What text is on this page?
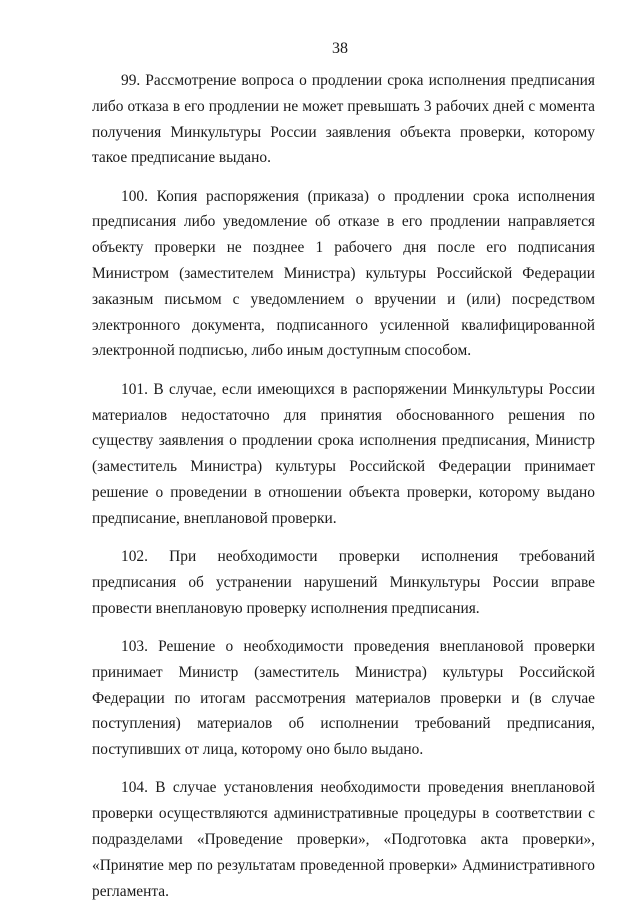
38

99. Рассмотрение вопроса о продлении срока исполнения предписания либо отказа в его продлении не может превышать 3 рабочих дней с момента получения Минкультуры России заявления объекта проверки, которому такое предписание выдано.

100. Копия распоряжения (приказа) о продлении срока исполнения предписания либо уведомление об отказе в его продлении направляется объекту проверки не позднее 1 рабочего дня после его подписания Министром (заместителем Министра) культуры Российской Федерации заказным письмом с уведомлением о вручении и (или) посредством электронного документа, подписанного усиленной квалифицированной электронной подписью, либо иным доступным способом.

101. В случае, если имеющихся в распоряжении Минкультуры России материалов недостаточно для принятия обоснованного решения по существу заявления о продлении срока исполнения предписания, Министр (заместитель Министра) культуры Российской Федерации принимает решение о проведении в отношении объекта проверки, которому выдано предписание, внеплановой проверки.

102. При необходимости проверки исполнения требований предписания об устранении нарушений Минкультуры России вправе провести внеплановую проверку исполнения предписания.

103. Решение о необходимости проведения внеплановой проверки принимает Министр (заместитель Министра) культуры Российской Федерации по итогам рассмотрения материалов проверки и (в случае поступления) материалов об исполнении требований предписания, поступивших от лица, которому оно было выдано.

104. В случае установления необходимости проведения внеплановой проверки осуществляются административные процедуры в соответствии с подразделами «Проведение проверки», «Подготовка акта проверки», «Принятие мер по результатам проведенной проверки» Административного регламента.
